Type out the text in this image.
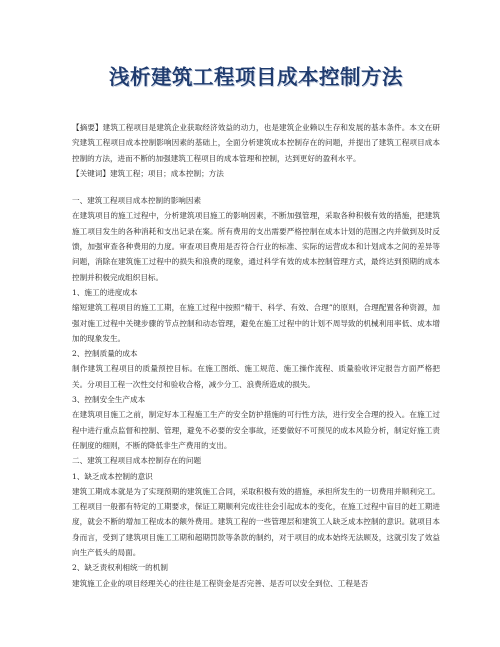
浅析建筑工程项目成本控制方法

【摘要】建筑工程项目是建筑企业获取经济效益的动力，也是建筑企业赖以生存和发展的基本条件。本文在研究建筑工程项目成本控制影响因素的基础上，全面分析建筑成本控制存在的问题，并提出了建筑工程项目成本控制的方法，进而不断的加强建筑工程项目的成本管理和控制，达到更好的盈利水平。

【关键词】建筑工程；项目；成本控制；方法

一、建筑工程项目成本控制的影响因素

在建筑项目的施工过程中，分析建筑项目施工的影响因素，不断加强管理，采取各种积极有效的措施，把建筑施工项目发生的各种消耗和支出记录在案。所有费用的支出需要严格控制在成本计划的范围之内并做到及时反馈，加强审查各种费用的力度。审查项目费用是否符合行业的标准、实际的运营成本和计划成本之间的差异等问题，消除在建筑施工过程中的损失和浪费的现象，通过科学有效的成本控制管理方式，最终达到预期的成本控制并积极完成组织目标。

1、施工的进度成本

缩短建筑工程项目的施工工期，在施工过程中按照“精干、科学、有效、合理”的原则，合理配置各种资源，加强对施工过程中关键步骤的节点控制和动态管理，避免在施工过程中的计划不周导致的机械利用率低、成本增加的现象发生。

2、控制质量的成本

制作建筑工程项目的质量预控目标。在施工图纸、施工规范、施工操作流程、质量验收评定报告方面严格把关。分项目工程一次性交付和验收合格，减少分工、浪费所造成的损失。

3、控制安全生产成本

在建筑项目施工之前，制定好本工程施工生产的安全防护措施的可行性方法，进行安全合理的投入。在施工过程中进行重点监督和控制、管理，避免不必要的安全事故，还要做好不可预见的成本风险分析，制定好施工责任制度的细则，不断的降低非生产费用的支出。

二、建筑工程项目成本控制存在的问题

1、缺乏成本控制的意识

建筑工期成本就是为了实现预期的建筑施工合同，采取积极有效的措施，承担所发生的一切费用并顺利完工。工程项目一般都有特定的工期要求，保证工期顺利完成往往会引起成本的变化，在施工过程中盲目的赶工期进度，就会不断的增加工程成本的额外费用。建筑工程的一些管理层和建筑工人缺乏成本控制的意识。就项目本身而言，受到了建筑项目施工工期和超期罚款等条款的制约，对于项目的成本始终无法顾及，这就引发了效益向生产低头的局面。

2、缺乏责权利相统一的机制

建筑施工企业的项目经理关心的往往是工程资金是否完善、是否可以安全到位、工程是否
